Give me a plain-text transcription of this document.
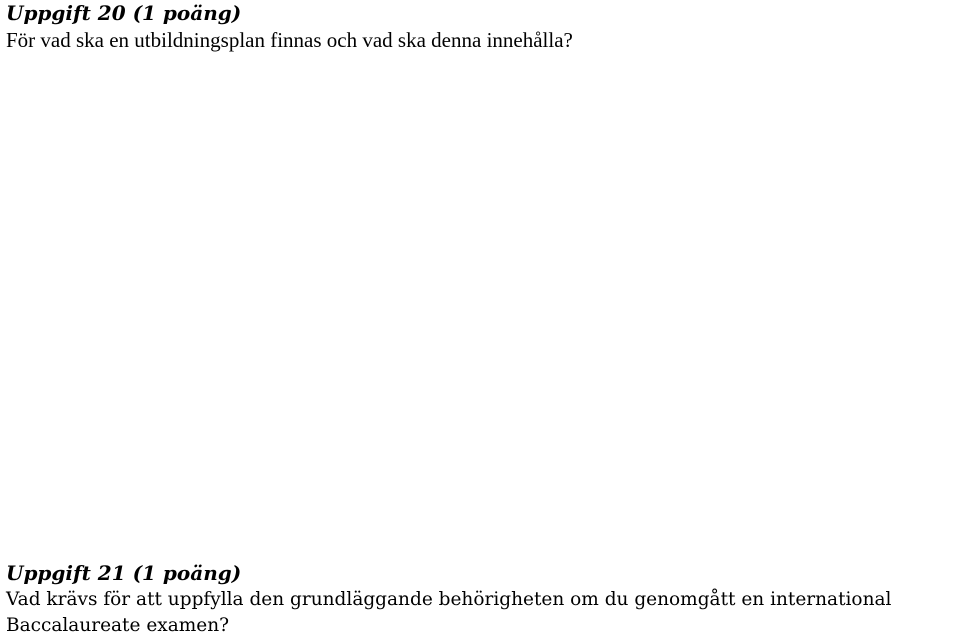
Uppgift 20 (1 poäng)

För vad ska en utbildningsplan finnas och vad ska denna innehålla?

Uppgift 21 (1 poäng)

Vad krävs för att uppfylla den grundläggande behörigheten om du genomgått en international Baccalaureate examen?
